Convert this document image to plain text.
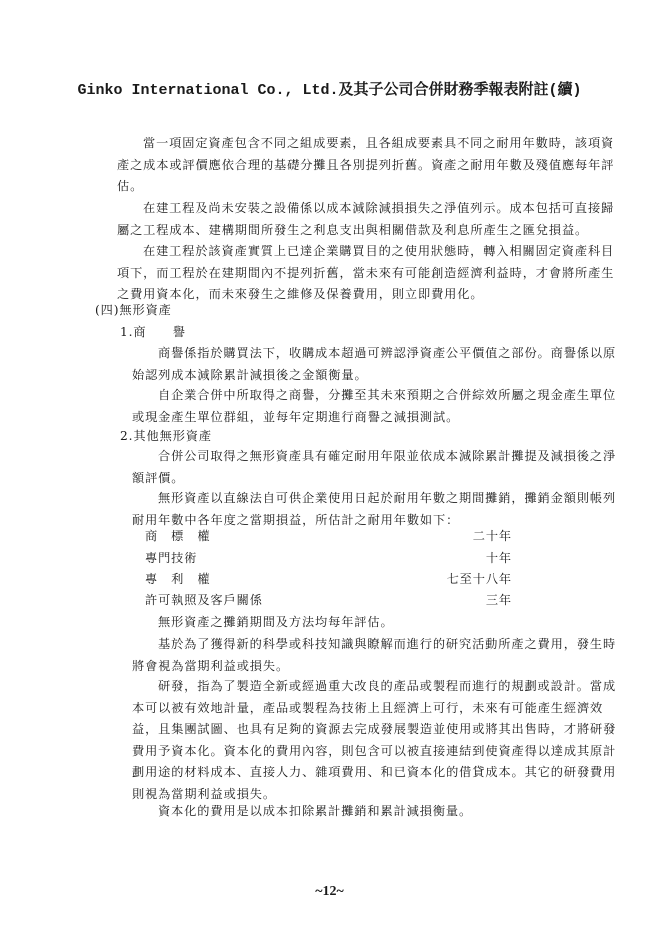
Ginko International Co., Ltd.及其子公司合併財務季報表附註(續)
當一項固定資產包含不同之組成要素，且各組成要素具不同之耐用年數時，該項資產之成本或評價應依合理的基礎分攤且各別提列折舊。資產之耐用年數及殘值應每年評估。
在建工程及尚未安裝之設備係以成本減除減損損失之淨值列示。成本包括可直接歸屬之工程成本、建構期間所發生之利息支出與相關借款及利息所產生之匯兌損益。
在建工程於該資產實質上已達企業購買目的之使用狀態時，轉入相關固定資產科目項下，而工程於在建期間內不提列折舊，當未來有可能創造經濟利益時，才會將所產生之費用資本化，而未來發生之維修及保養費用，則立即費用化。
(四)無形資產
1.商　　譽
商譽係指於購買法下，收購成本超過可辨認淨資產公平價值之部份。商譽係以原始認列成本減除累計減損後之金額衡量。
自企業合併中所取得之商譽，分攤至其未來預期之合併綜效所屬之現金產生單位或現金產生單位群組，並每年定期進行商譽之減損測試。
2.其他無形資產
合併公司取得之無形資產具有確定耐用年限並依成本減除累計攤提及減損後之淨額評價。
無形資產以直線法自可供企業使用日起於耐用年數之期間攤銷，攤銷金額則帳列耐用年數中各年度之當期損益，所估計之耐用年數如下：
商　標　權	二十年
專門技術	十年
專　利　權	七至十八年
許可執照及客戶關係	三年
無形資產之攤銷期間及方法均每年評估。
基於為了獲得新的科學或科技知識與瞭解而進行的研究活動所產之費用，發生時將會視為當期利益或損失。
研發，指為了製造全新或經過重大改良的產品或製程而進行的規劃或設計。當成本可以被有效地計量，產品或製程為技術上且經濟上可行，未來有可能產生經濟效益，且集團試圖、也具有足夠的資源去完成發展製造並使用或將其出售時，才將研發費用予資本化。資本化的費用內容，則包含可以被直接連結到使資產得以達成其原計劃用途的材料成本、直接人力、雜項費用、和已資本化的借貸成本。其它的研發費用則視為當期利益或損失。
資本化的費用是以成本扣除累計攤銷和累計減損衡量。
~12~
